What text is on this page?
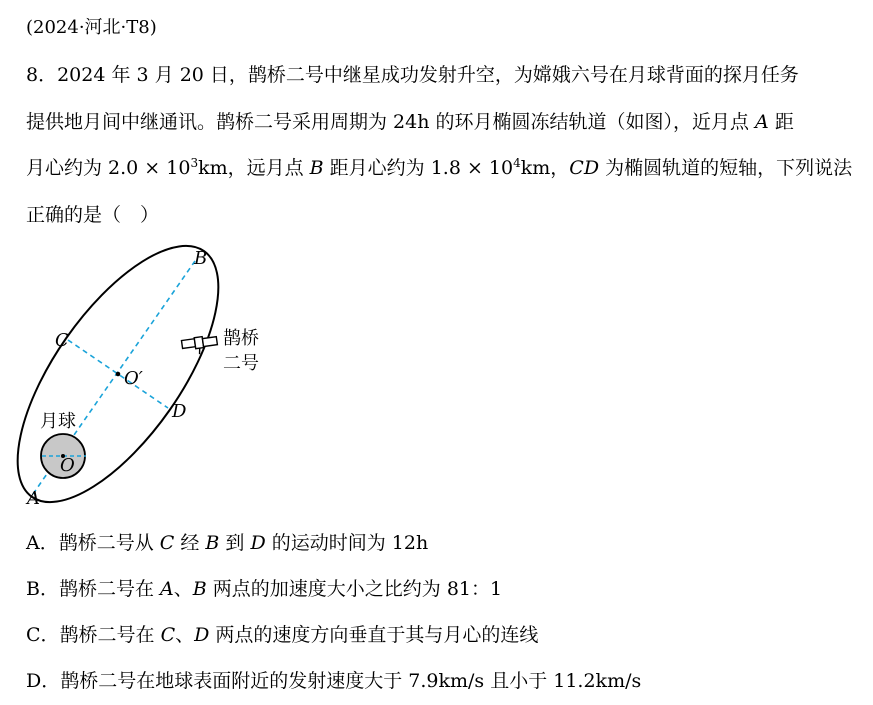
(2024·河北·T8)
8．2024 年 3 月 20 日，鹊桥二号中继星成功发射升空，为嫦娥六号在月球背面的探月任务
提供地月间中继通讯。鹊桥二号采用周期为 24h 的环月椭圆冻结轨道（如图），近月点 A 距
月心约为 $2.0 \times 10^3km$，远月点 B 距月心约为 $1.8 \times 10^4km$，CD 为椭圆轨道的短轴，下列说法
正确的是（　）
B
C
D
O′
O
A
月球
鹊桥
二号
A．鹊桥二号从 C 经 B 到 D 的运动时间为 12h
B．鹊桥二号在 A、B 两点的加速度大小之比约为 81：1
C．鹊桥二号在 C、D 两点的速度方向垂直于其与月心的连线
D．鹊桥二号在地球表面附近的发射速度大于 7.9km/s 且小于 11.2km/s
